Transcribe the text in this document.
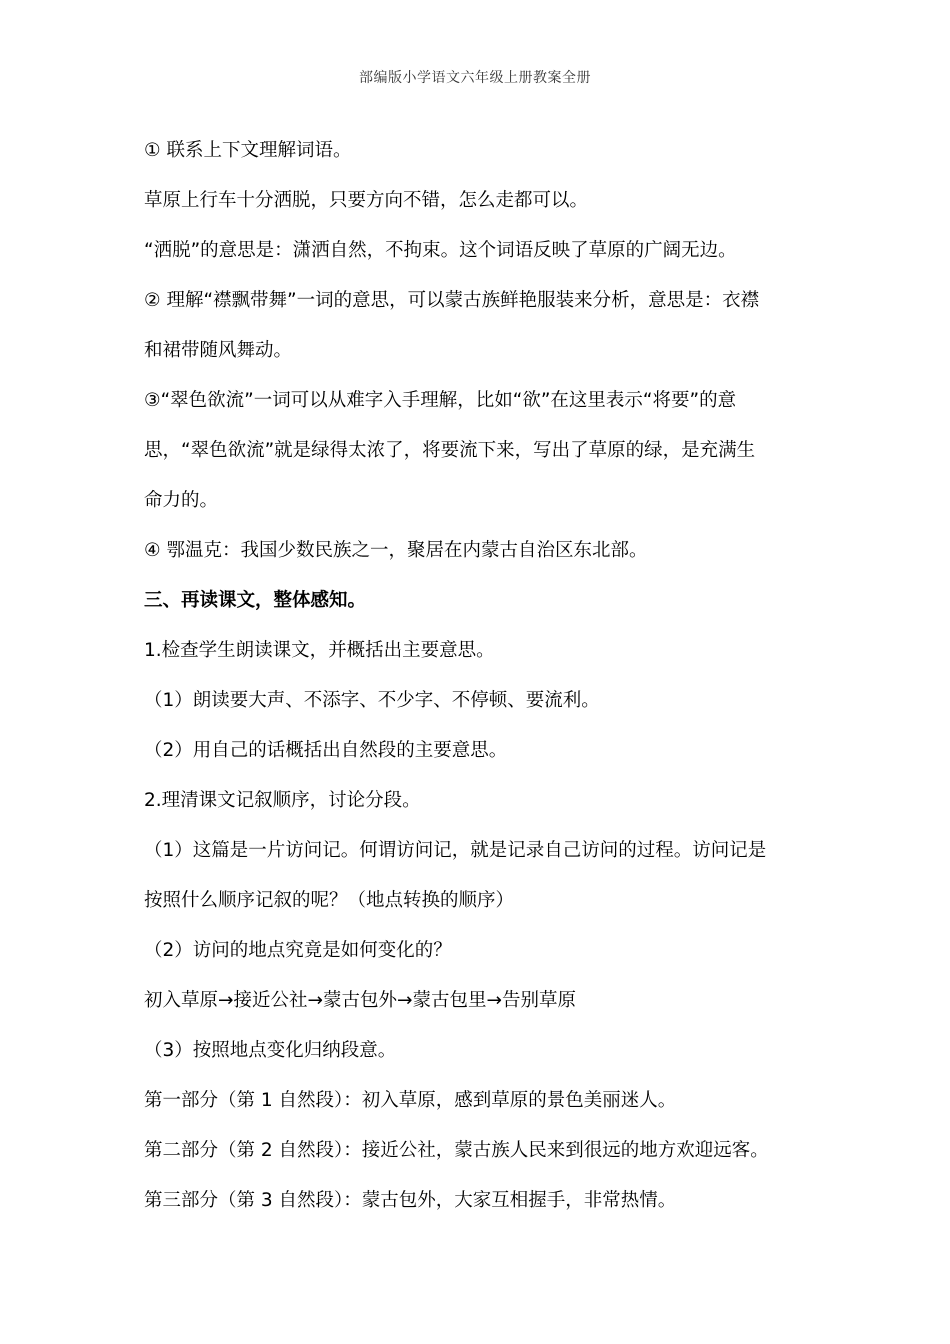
部编版小学语文六年级上册教案全册
① 联系上下文理解词语。
草原上行车十分洒脱，只要方向不错，怎么走都可以。
“洒脱”的意思是：潇洒自然，不拘束。这个词语反映了草原的广阔无边。
② 理解“襟飘带舞”一词的意思，可以蒙古族鲜艳服装来分析，意思是：衣襟
和裙带随风舞动。
③“翠色欲流”一词可以从难字入手理解，比如“欲”在这里表示“将要”的意
思，“翠色欲流”就是绿得太浓了，将要流下来，写出了草原的绿，是充满生
命力的。
④ 鄂温克：我国少数民族之一，聚居在内蒙古自治区东北部。
三、再读课文，整体感知。
1.检查学生朗读课文，并概括出主要意思。
（1）朗读要大声、不添字、不少字、不停顿、要流利。
（2）用自己的话概括出自然段的主要意思。
2.理清课文记叙顺序，讨论分段。
（1）这篇是一片访问记。何谓访问记，就是记录自己访问的过程。访问记是
按照什么顺序记叙的呢？（地点转换的顺序）
（2）访问的地点究竟是如何变化的？
初入草原→接近公社→蒙古包外→蒙古包里→告别草原
（3）按照地点变化归纳段意。
第一部分（第 1 自然段）：初入草原，感到草原的景色美丽迷人。
第二部分（第 2 自然段）：接近公社，蒙古族人民来到很远的地方欢迎远客。
第三部分（第 3 自然段）：蒙古包外，大家互相握手，非常热情。
